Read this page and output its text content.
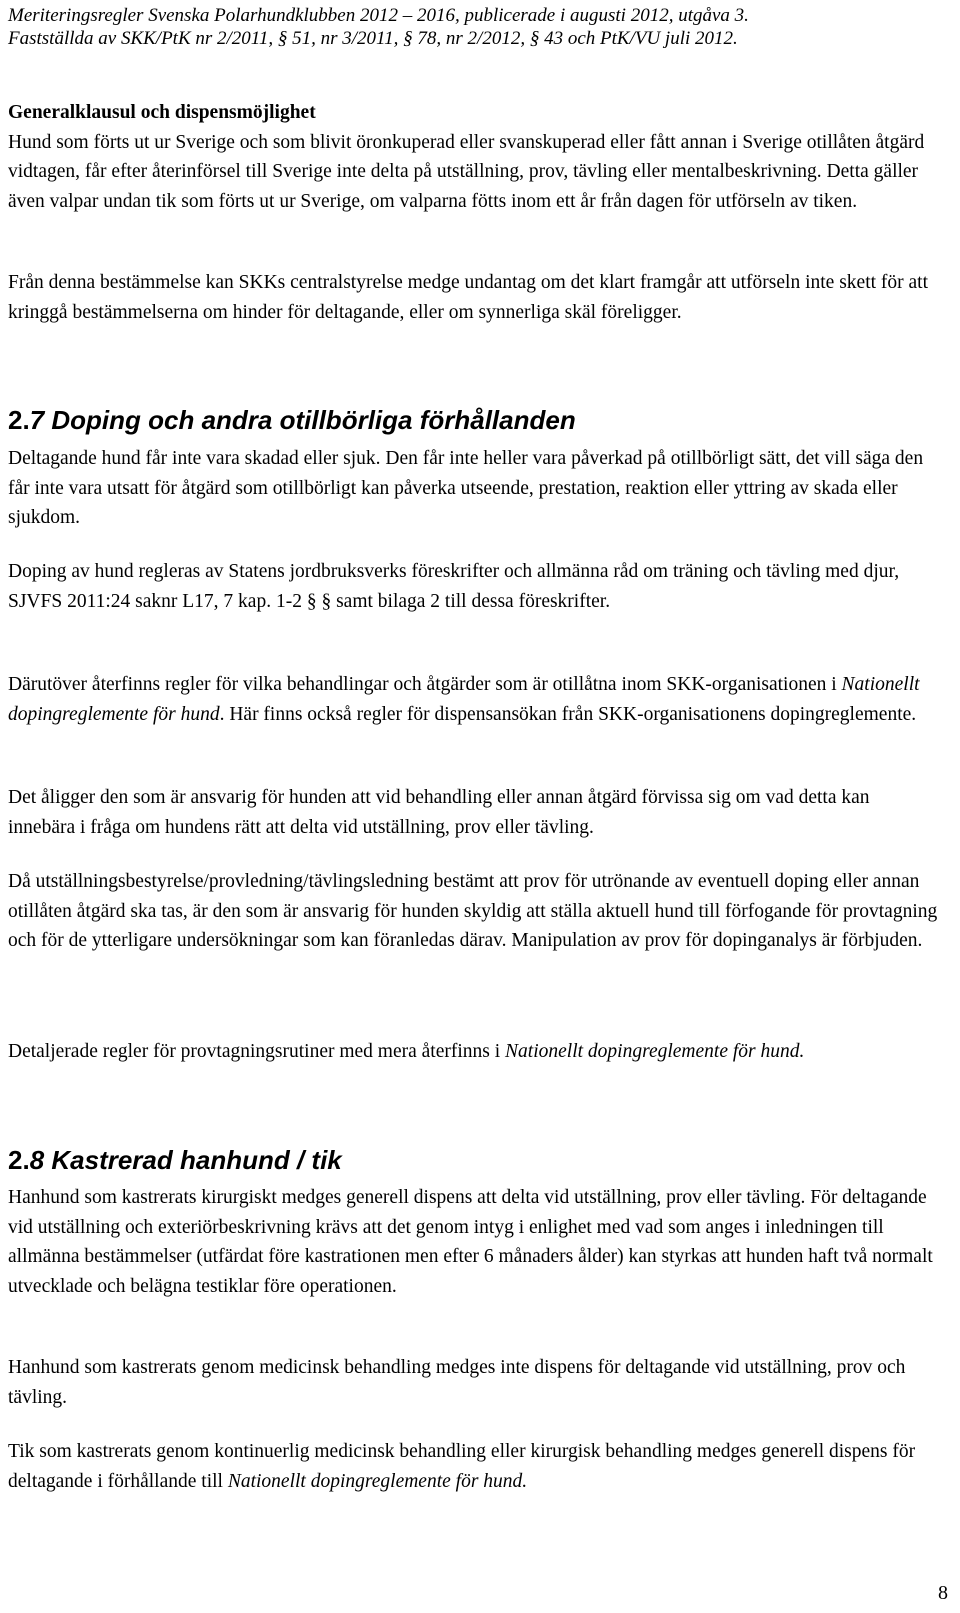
Meriteringsregler Svenska Polarhundklubben 2012 – 2016, publicerade i augusti 2012, utgåva 3.

Fastställda av SKK/PtK nr 2/2011, § 51, nr 3/2011, § 78, nr 2/2012, § 43 och PtK/VU juli 2012.

Generalklausul och dispensmöjlighet

Hund som förts ut ur Sverige och som blivit öronkuperad eller svanskuperad eller fått annan i Sverige otillåten åtgärd vidtagen, får efter återinförsel till Sverige inte delta på utställning, prov, tävling eller mentalbeskrivning. Detta gäller även valpar undan tik som förts ut ur Sverige, om valparna fötts inom ett år från dagen för utförseln av tiken.

Från denna bestämmelse kan SKKs centralstyrelse medge undantag om det klart framgår att utförseln inte skett för att kringgå bestämmelserna om hinder för deltagande, eller om synnerliga skäl föreligger.

2.7 Doping och andra otillbörliga förhållanden

Deltagande hund får inte vara skadad eller sjuk. Den får inte heller vara påverkad på otillbörligt sätt, det vill säga den får inte vara utsatt för åtgärd som otillbörligt kan påverka utseende, prestation, reaktion eller yttring av skada eller sjukdom.

Doping av hund regleras av Statens jordbruksverks föreskrifter och allmänna råd om träning och tävling med djur, SJVFS 2011:24 saknr L17, 7 kap. 1-2 § § samt bilaga 2 till dessa föreskrifter.

Därutöver återfinns regler för vilka behandlingar och åtgärder som är otillåtna inom SKK-organisationen i Nationellt dopingreglemente för hund. Här finns också regler för dispensansökan från SKK-organisationens dopingreglemente.

Det åligger den som är ansvarig för hunden att vid behandling eller annan åtgärd förvissa sig om vad detta kan innebära i fråga om hundens rätt att delta vid utställning, prov eller tävling.

Då utställningsbestyrelse/provledning/tävlingsledning bestämt att prov för utrönande av eventuell doping eller annan otillåten åtgärd ska tas, är den som är ansvarig för hunden skyldig att ställa aktuell hund till förfogande för provtagning och för de ytterligare undersökningar som kan föranledas därav. Manipulation av prov för dopinganalys är förbjuden.

Detaljerade regler för provtagningsrutiner med mera återfinns i Nationellt dopingreglemente för hund.

2.8 Kastrerad hanhund / tik

Hanhund som kastrerats kirurgiskt medges generell dispens att delta vid utställning, prov eller tävling. För deltagande vid utställning och exteriörbeskrivning krävs att det genom intyg i enlighet med vad som anges i inledningen till allmänna bestämmelser (utfärdat före kastrationen men efter 6 månaders ålder) kan styrkas att hunden haft två normalt utvecklade och belägna testiklar före operationen.

Hanhund som kastrerats genom medicinsk behandling medges inte dispens för deltagande vid utställning, prov och tävling.

Tik som kastrerats genom kontinuerlig medicinsk behandling eller kirurgisk behandling medges generell dispens för deltagande i förhållande till Nationellt dopingreglemente för hund.

8
